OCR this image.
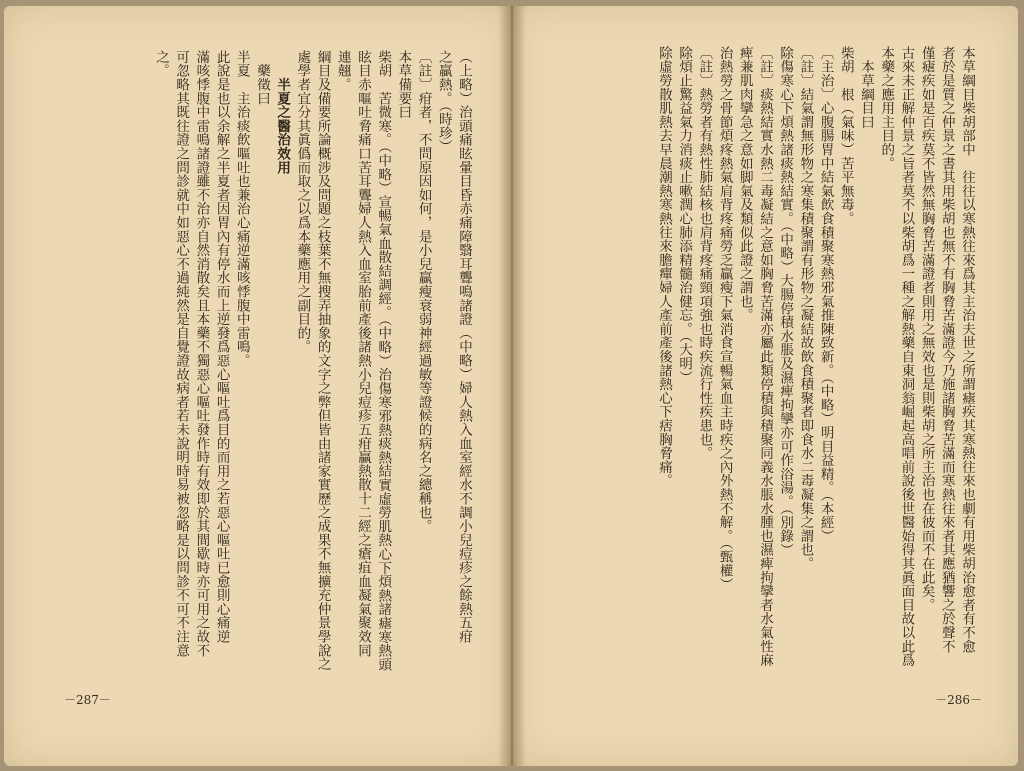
（上略）治頭痛眩暈目昏赤痛障翳耳聾鳴諸證（中略）婦人熱入血室經水不調小兒痘疹之餘熱五疳
之贏熱。（時珍）
〔註〕疳者，不問原因如何，是小兒贏瘦衰弱神經過敏等證候的病名之總稱也。
本草備要曰
柴胡　苦微寒。（中略）宣暢氣血散結調經。（中略）治傷寒邪熱痰熱結實虛勞肌熱心下煩熱諸瘧寒熱頭
眩目赤嘔吐脅痛口苦耳聾婦人熱入血室胎前產後諸熱小兒痘疹五疳贏熱散十二經之瘡疽血凝氣聚效同
連翹。
綱目及備要所論概涉及問題之枝葉不無搜弄抽象的文字之弊但皆由諸家實歷之成果不無擴充仲景學說之
處學者宜分其眞僞而取之以爲本藥應用之副目的。
　　半夏之醫治效用
　藥徵曰
半夏　主治痰飲嘔吐也兼治心痛逆滿咳悸腹中雷鳴。
此說是也以余解之半夏者因胃內有停水而上逆發爲惡心嘔吐爲目的而用之若惡心嘔吐已愈則心痛逆
滿咳悸腹中雷鳴諸證雖不治亦自然消散矣且本藥不獨惡心嘔吐發作時有效即於其間歇時亦可用之故不
可忽略其既往證之問診就中如惡心不過純然是自覺證故病者若未說明時易被忽略是以問診不可不注意
之。
－287－
本草綱目柴胡部中　往往以寒熱往來爲其主治夫世之所謂瘧疾其寒熱往來也劇有用柴胡治愈者有不愈
者於是質之仲景之書其用柴胡也無不有胸脅苦滿證今乃施諸胸脅苦滿而寒熱往來者其應猶響之於聲不
僅瘧疾如是百疾莫不皆然無胸脅苦滿證者則用之無效也是則柴胡之所主治也在彼而不在此矣。
古來未正解仲景之旨者莫不以柴胡爲一種之解熱藥自東洞翁崛起高唱前說後世醫始得其眞面目故以此爲
本藥之應用主目的。
　本草綱目曰
柴胡　根（氣味）苦平無毒。
〔主治〕心腹腸胃中結氣飲食積聚寒熱邪氣推陳致新。（中略）明目益精。（本經）
〔註〕結氣謂無形物之寒集積聚謂有形物之凝結故飲食積聚者即食水二毒凝集之謂也。
除傷寒心下煩熱諸痰熱結實。（中略）大腸停積水脹及濕痺拘攣亦可作浴湯。（別錄）
〔註〕痰熱結實水熱二毒凝結之意如胸脅苦滿亦屬此類停積與積聚同義水脹水腫也濕痺拘攣者水氣性麻
痺兼肌肉攣急之意如脚氣及類似此證之謂也。
治熱勞之骨節煩疼熱氣肩背疼痛勞乏贏瘦下氣消食宣暢氣血主時疾之內外熱不解。（甄權）
〔註〕熱勞者有熱性肺結核也肩背疼痛頸項強也時疾流行性疾患也。
除煩止驚益氣力消痰止嗽潤心肺添精髓治健忘。（大明）
除虛勞散肌熱去早晨潮熱寒熱往來膽癉婦人產前產後諸熱心下痞胸脅痛。
－286－
